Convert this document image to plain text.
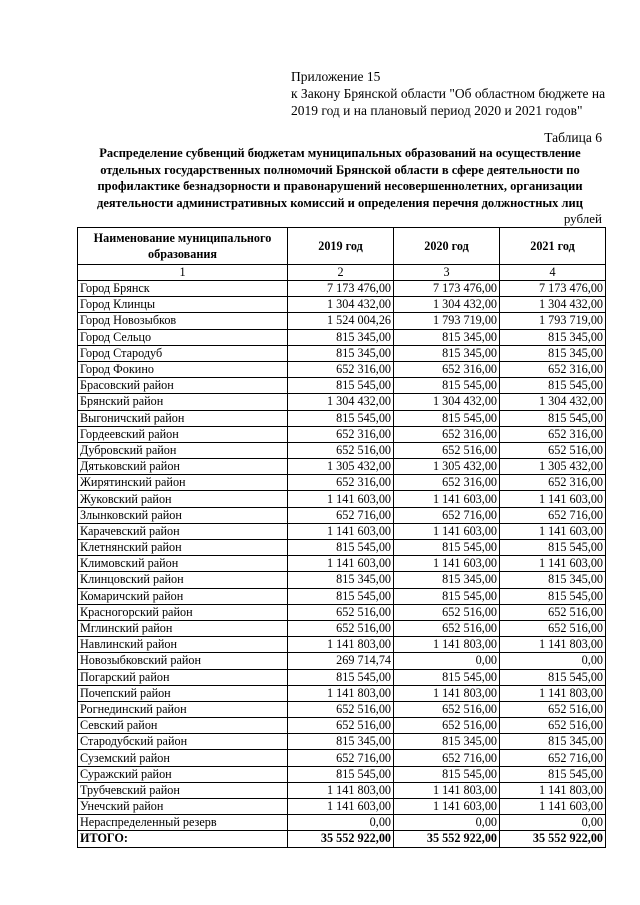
Приложение 15
к Закону Брянской области "Об областном бюджете на
2019 год и на плановый период 2020 и 2021 годов"
Таблица 6
Распределение субвенций бюджетам муниципальных образований на осуществление отдельных государственных полномочий Брянской области в сфере деятельности по профилактике безнадзорности и правонарушений несовершеннолетних, организации деятельности административных комиссий и определения перечня должностных лиц
рублей
Наименование муниципального образования	2019 год	2020 год	2021 год
1	2	3	4
Город Брянск	7 173 476,00	7 173 476,00	7 173 476,00
Город Клинцы	1 304 432,00	1 304 432,00	1 304 432,00
Город Новозыбков	1 524 004,26	1 793 719,00	1 793 719,00
Город Сельцо	815 345,00	815 345,00	815 345,00
Город Стародуб	815 345,00	815 345,00	815 345,00
Город Фокино	652 316,00	652 316,00	652 316,00
Брасовский район	815 545,00	815 545,00	815 545,00
Брянский район	1 304 432,00	1 304 432,00	1 304 432,00
Выгоничский район	815 545,00	815 545,00	815 545,00
Гордеевский район	652 316,00	652 316,00	652 316,00
Дубровский район	652 516,00	652 516,00	652 516,00
Дятьковский район	1 305 432,00	1 305 432,00	1 305 432,00
Жирятинский район	652 316,00	652 316,00	652 316,00
Жуковский район	1 141 603,00	1 141 603,00	1 141 603,00
Злынковский район	652 716,00	652 716,00	652 716,00
Карачевский район	1 141 603,00	1 141 603,00	1 141 603,00
Клетнянский район	815 545,00	815 545,00	815 545,00
Климовский район	1 141 603,00	1 141 603,00	1 141 603,00
Клинцовский район	815 345,00	815 345,00	815 345,00
Комаричский район	815 545,00	815 545,00	815 545,00
Красногорский район	652 516,00	652 516,00	652 516,00
Мглинский район	652 516,00	652 516,00	652 516,00
Навлинский район	1 141 803,00	1 141 803,00	1 141 803,00
Новозыбковский район	269 714,74	0,00	0,00
Погарский район	815 545,00	815 545,00	815 545,00
Почепский район	1 141 803,00	1 141 803,00	1 141 803,00
Рогнединский район	652 516,00	652 516,00	652 516,00
Севский район	652 516,00	652 516,00	652 516,00
Стародубский район	815 345,00	815 345,00	815 345,00
Суземский район	652 716,00	652 716,00	652 716,00
Суражский район	815 545,00	815 545,00	815 545,00
Трубчевский район	1 141 803,00	1 141 803,00	1 141 803,00
Унечский район	1 141 603,00	1 141 603,00	1 141 603,00
Нераспределенный резерв	0,00	0,00	0,00
ИТОГО:	35 552 922,00	35 552 922,00	35 552 922,00
